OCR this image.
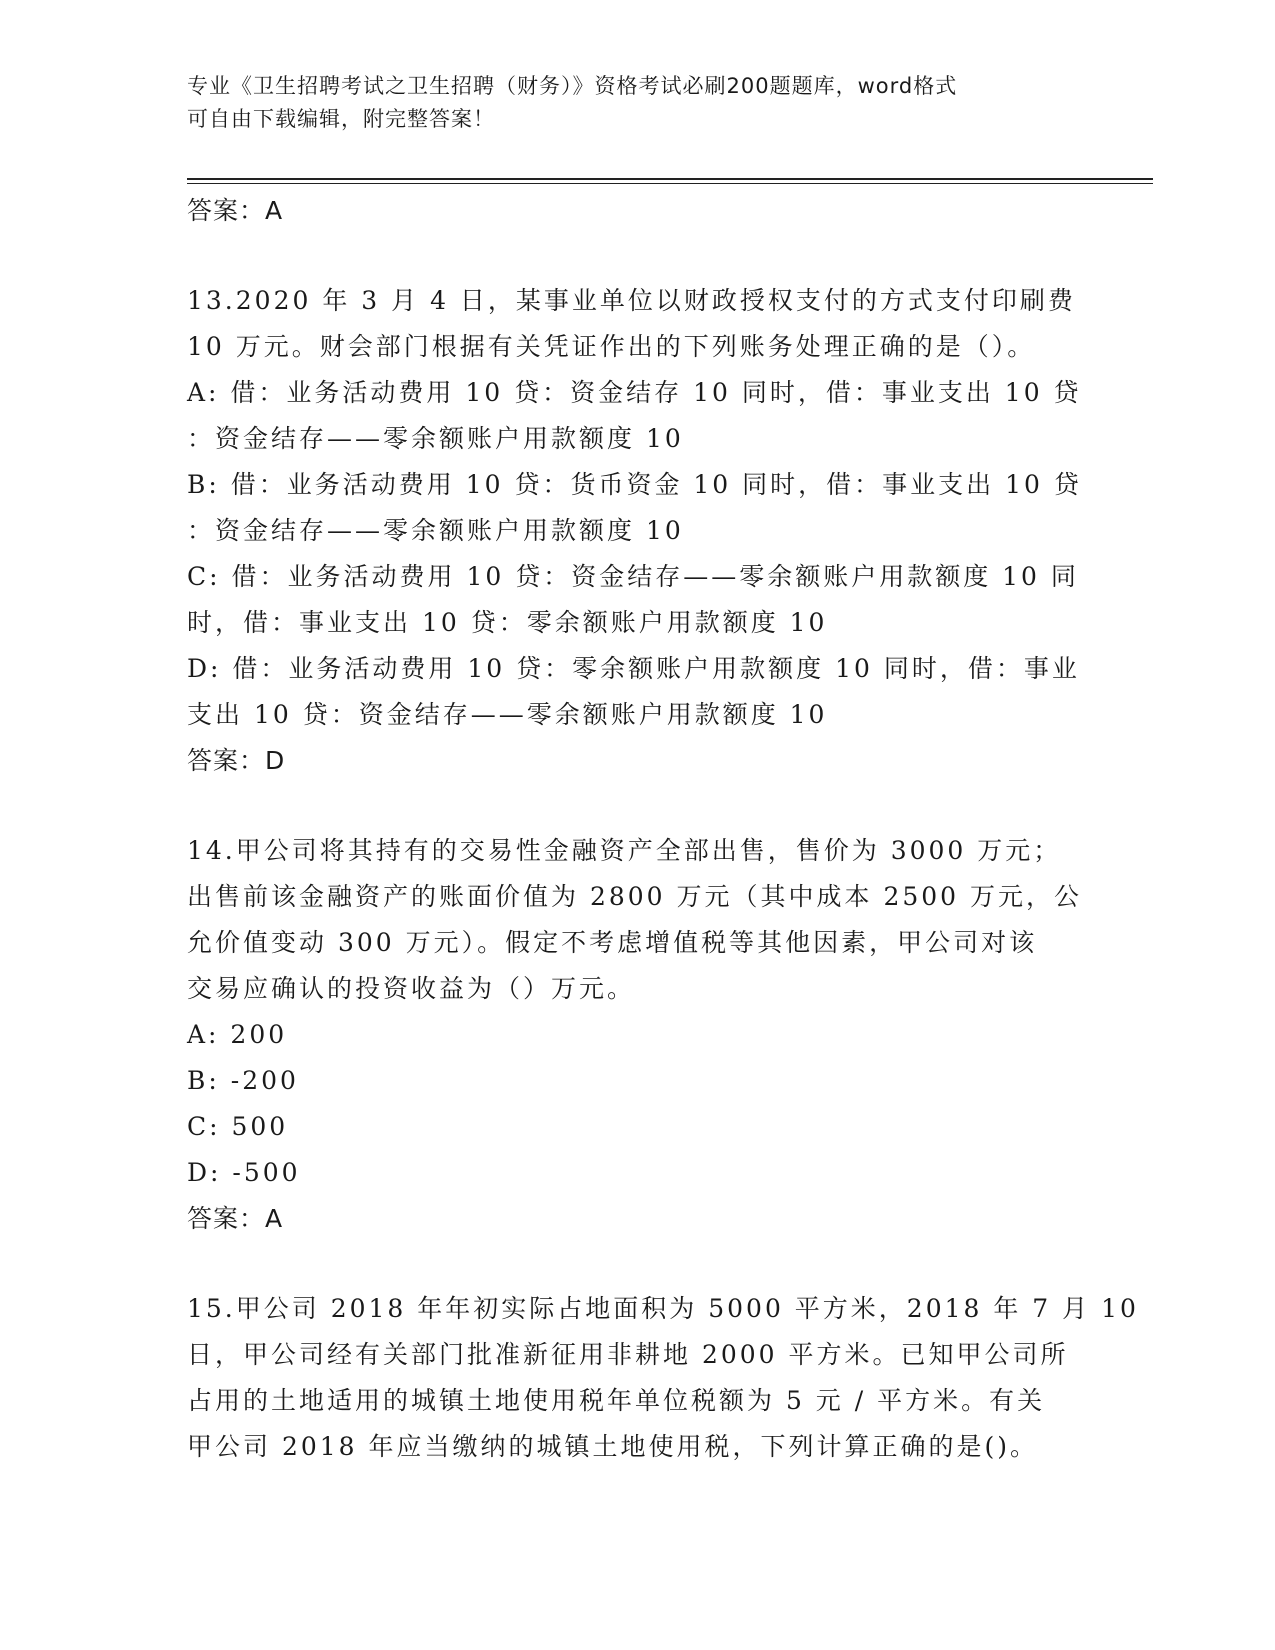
专业《卫生招聘考试之卫生招聘（财务）》资格考试必刷200题题库，word格式
可自由下载编辑，附完整答案！
答案：A
13.2020 年 3 月 4 日，某事业单位以财政授权支付的方式支付印刷费
10 万元。财会部门根据有关凭证作出的下列账务处理正确的是（）。
A: 借：业务活动费用 10 贷：资金结存 10 同时，借：事业支出 10 贷
：资金结存——零余额账户用款额度 10
B: 借：业务活动费用 10 贷：货币资金 10 同时，借：事业支出 10 贷
：资金结存——零余额账户用款额度 10
C: 借：业务活动费用 10 贷：资金结存——零余额账户用款额度 10 同
时，借：事业支出 10 贷：零余额账户用款额度 10
D: 借：业务活动费用 10 贷：零余额账户用款额度 10 同时，借：事业
支出 10 贷：资金结存——零余额账户用款额度 10
答案：D
14.甲公司将其持有的交易性金融资产全部出售，售价为 3000 万元；
出售前该金融资产的账面价值为 2800 万元（其中成本 2500 万元，公
允价值变动 300 万元）。假定不考虑增值税等其他因素，甲公司对该
交易应确认的投资收益为（）万元。
A: 200
B: -200
C: 500
D: -500
答案：A
15.甲公司 2018 年年初实际占地面积为 5000 平方米，2018 年 7 月 10
日，甲公司经有关部门批准新征用非耕地 2000 平方米。已知甲公司所
占用的土地适用的城镇土地使用税年单位税额为 5 元 / 平方米。有关
甲公司 2018 年应当缴纳的城镇土地使用税，下列计算正确的是()。
